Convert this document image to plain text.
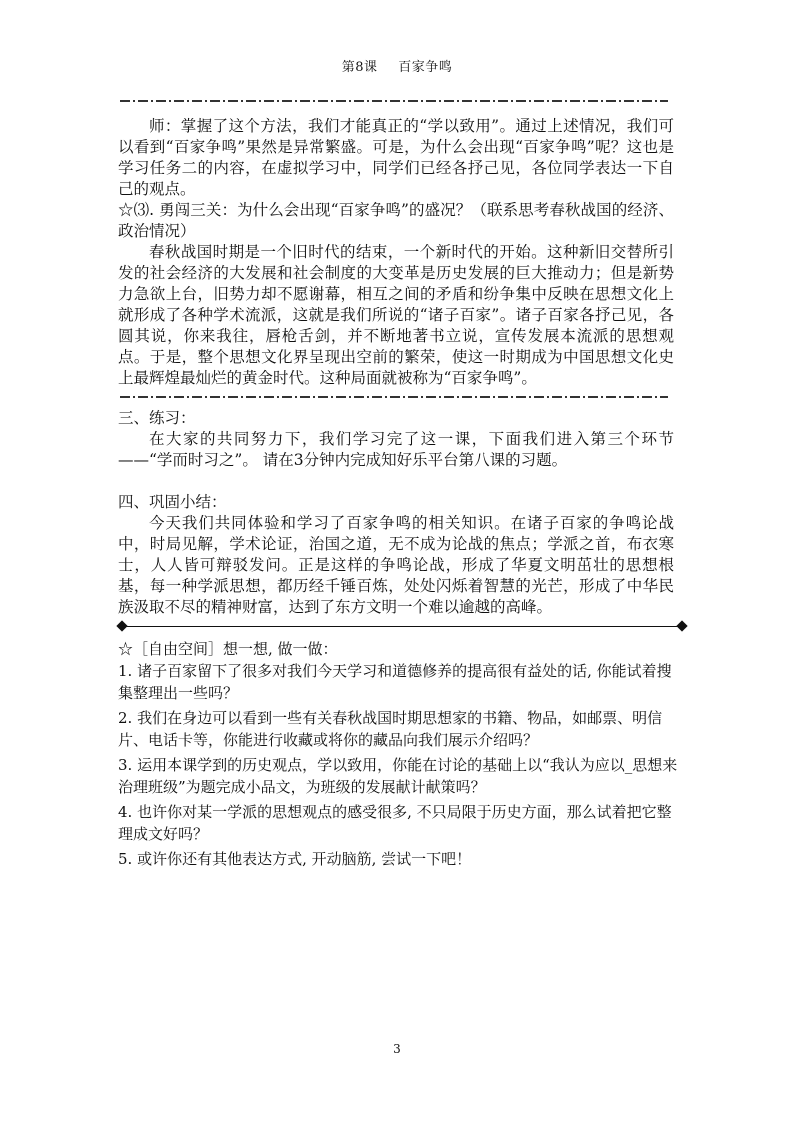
第8课 百家争鸣

师：掌握了这个方法，我们才能真正的“学以致用”。通过上述情况，我们可以看到“百家争鸣”果然是异常繁盛。可是，为什么会出现“百家争鸣”呢？这也是学习任务二的内容，在虚拟学习中，同学们已经各抒己见，各位同学表达一下自己的观点。

☆⑶. 勇闯三关：为什么会出现“百家争鸣”的盛况？（联系思考春秋战国的经济、政治情况）

春秋战国时期是一个旧时代的结束，一个新时代的开始。这种新旧交替所引发的社会经济的大发展和社会制度的大变革是历史发展的巨大推动力；但是新势力急欲上台，旧势力却不愿谢幕，相互之间的矛盾和纷争集中反映在思想文化上就形成了各种学术流派，这就是我们所说的“诸子百家”。诸子百家各抒己见，各圆其说，你来我往，唇枪舌剑，并不断地著书立说，宣传发展本流派的思想观点。于是，整个思想文化界呈现出空前的繁荣，使这一时期成为中国思想文化史上最辉煌最灿烂的黄金时代。这种局面就被称为“百家争鸣”。

三、练习：

在大家的共同努力下，我们学习完了这一课，下面我们进入第三个环节——“学而时习之”。 请在3分钟内完成知好乐平台第八课的习题。

四、巩固小结：

今天我们共同体验和学习了百家争鸣的相关知识。在诸子百家的争鸣论战中，时局见解，学术论证，治国之道，无不成为论战的焦点；学派之首，布衣寒士，人人皆可辩驳发问。正是这样的争鸣论战，形成了华夏文明茁壮的思想根基，每一种学派思想，都历经千锤百炼，处处闪烁着智慧的光芒，形成了中华民族汲取不尽的精神财富，达到了东方文明一个难以逾越的高峰。

☆［自由空间］想一想, 做一做：

1. 诸子百家留下了很多对我们今天学习和道德修养的提高很有益处的话, 你能试着搜集整理出一些吗？

2. 我们在身边可以看到一些有关春秋战国时期思想家的书籍、物品，如邮票、明信片、电话卡等，你能进行收藏或将你的藏品向我们展示介绍吗？

3. 运用本课学到的历史观点，学以致用，你能在讨论的基础上以“我认为应以_思想来治理班级”为题完成小品文，为班级的发展献计献策吗？

4. 也许你对某一学派的思想观点的感受很多, 不只局限于历史方面，那么试着把它整理成文好吗？

5. 或许你还有其他表达方式, 开动脑筋, 尝试一下吧！

3
